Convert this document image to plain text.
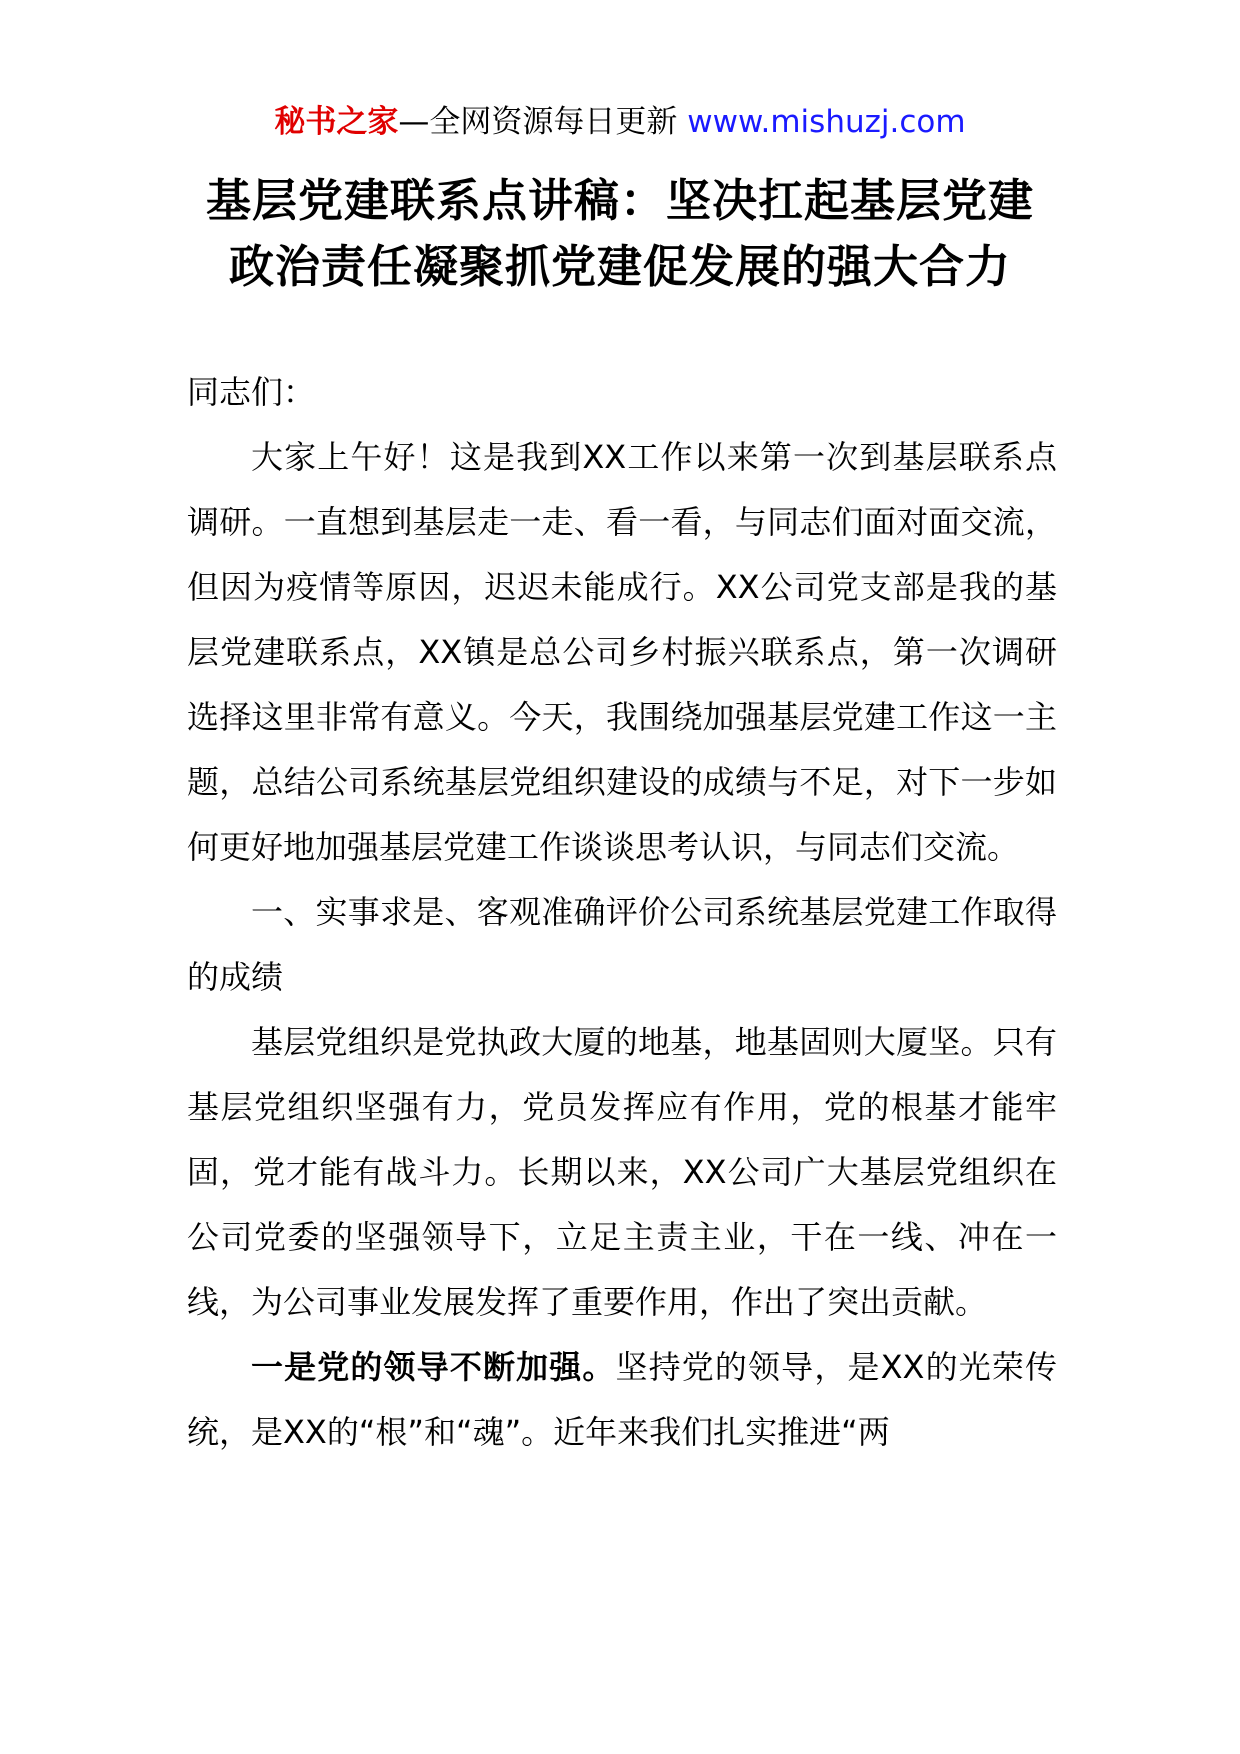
秘书之家—全网资源每日更新 www.mishuzj.com
基层党建联系点讲稿：坚决扛起基层党建
政治责任凝聚抓党建促发展的强大合力

同志们：

大家上午好！这是我到XX工作以来第一次到基层联系点调研。一直想到基层走一走、看一看，与同志们面对面交流，但因为疫情等原因，迟迟未能成行。XX公司党支部是我的基层党建联系点，XX镇是总公司乡村振兴联系点，第一次调研选择这里非常有意义。今天，我围绕加强基层党建工作这一主题，总结公司系统基层党组织建设的成绩与不足，对下一步如何更好地加强基层党建工作谈谈思考认识，与同志们交流。

一、实事求是、客观准确评价公司系统基层党建工作取得的成绩

基层党组织是党执政大厦的地基，地基固则大厦坚。只有基层党组织坚强有力，党员发挥应有作用，党的根基才能牢固，党才能有战斗力。长期以来，XX公司广大基层党组织在公司党委的坚强领导下，立足主责主业，干在一线、冲在一线，为公司事业发展发挥了重要作用，作出了突出贡献。

一是党的领导不断加强。坚持党的领导，是XX的光荣传统，是XX的“根”和“魂”。近年来我们扎实推进“两
